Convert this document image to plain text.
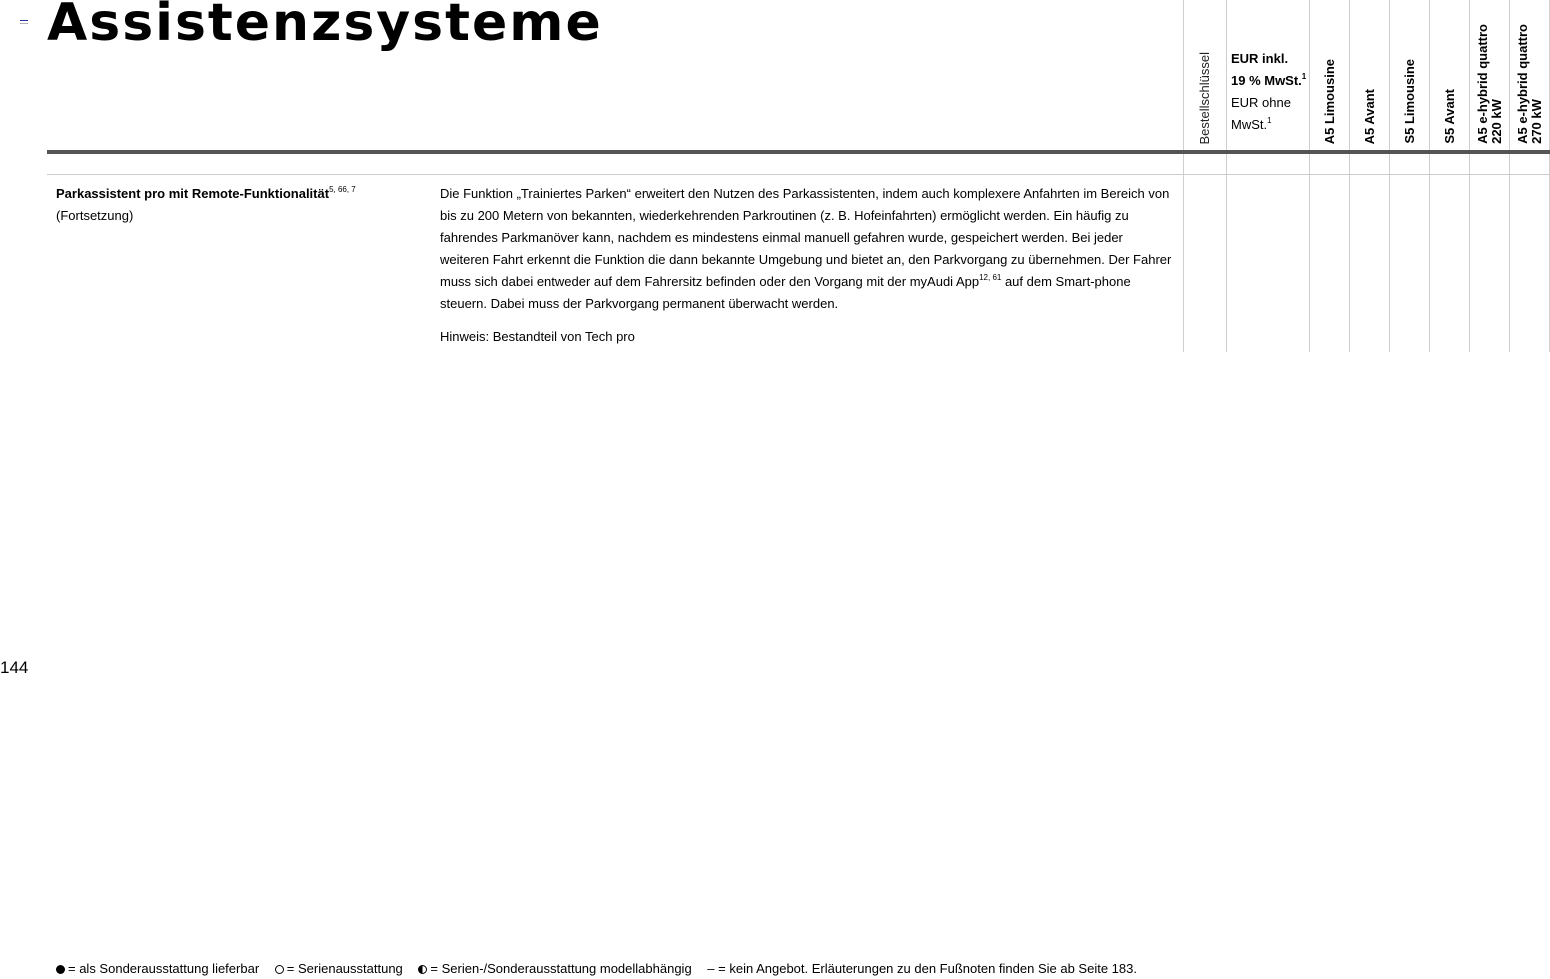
Assistenzsysteme
Bestellschlüssel EUR inkl.
19 % MwSt.$^1$
EUR ohne
MwSt.$^1$	A5 Limousine A5 Avant S5 Limousine S5 Avant A5 e-hybrid quattro
220 kW
A5 e-hybrid quattro
270 kW
Parkassistent pro mit Remote-Funktionalität$^{5, 66, 7}$
(Fortsetzung)

Die Funktion „Trainiertes Parken“ erweitert den Nutzen des Parkassistenten, indem auch komplexere Anfahrten im Bereich von bis zu 200 Metern von bekannten, wiederkehrenden Parkroutinen (z. B. Hofeinfahrten) ermöglicht werden. Ein häufig zu fahrendes Parkmanöver kann, nachdem es mindestens einmal manuell gefahren wurde, gespeichert werden. Bei jeder weiteren Fahrt erkennt die Funktion die dann bekannte Umgebung und bietet an, den Parkvorgang zu übernehmen. Der Fahrer muss sich dabei entweder auf dem Fahrersitz befinden oder den Vorgang mit der myAudi App$^{12, 61}$ auf dem Smart-phone steuern. Dabei muss der Parkvorgang permanent überwacht werden.

Hinweis: Bestandteil von Tech pro

144
= als Sonderausstattung lieferbar = Serienausstattung = Serien-/Sonderausstattung modellabhängig – = kein Angebot. Erläuterungen zu den Fußnoten finden Sie ab Seite 183.
